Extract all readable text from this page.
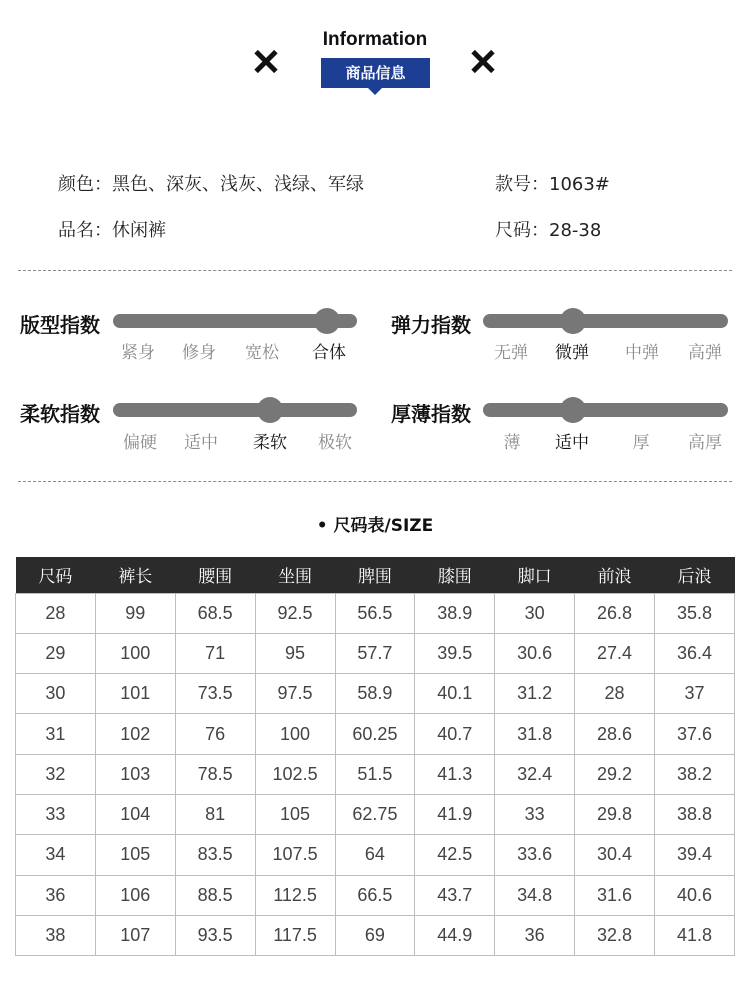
Information
商品信息
颜色：黑色、深灰、浅灰、浅绿、军绿	款号：1063#
品名：休闲裤	尺码：28-38
版型指数
紧身 修身 宽松 合体
弹力指数
无弹 微弹 中弹 高弹
柔软指数
偏硬 适中 柔软 极软
厚薄指数
薄 适中	厚 高厚
• 尺码表/SIZE
尺码	裤长	腰围	坐围	脾围	膝围	脚口	前浪	后浪
28	99	68.5	92.5	56.5	38.9	30	26.8	35.8
29	100	71	95	57.7	39.5	30.6	27.4	36.4
30	101	73.5	97.5	58.9	40.1	31.2	28	37
31	102	76	100	60.25	40.7	31.8	28.6	37.6
32	103	78.5	102.5	51.5	41.3	32.4	29.2	38.2
33	104	81	105	62.75	41.9	33	29.8	38.8
34	105	83.5	107.5	64	42.5	33.6	30.4	39.4
36	106	88.5	112.5	66.5	43.7	34.8	31.6	40.6
38	107	93.5	117.5	69	44.9	36	32.8	41.8
